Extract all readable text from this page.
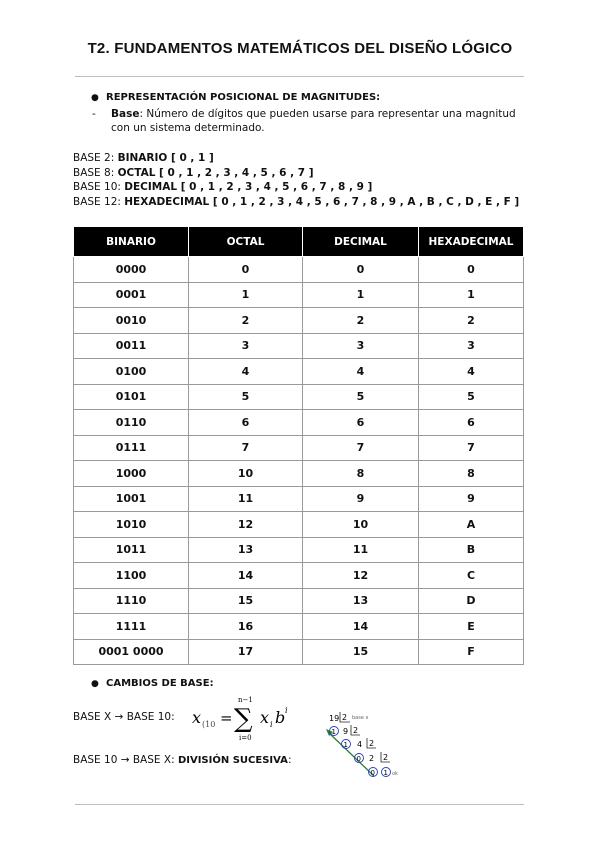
T2. FUNDAMENTOS MATEMÁTICOS DEL DISEÑO LÓGICO
● REPRESENTACIÓN POSICIONAL DE MAGNITUDES:
-	Base: Número de dígitos que pueden usarse para representar una magnitud con un sistema determinado.
BASE 2: BINARIO [ 0 , 1 ]
BASE 8: OCTAL [ 0 , 1 , 2 , 3 , 4 , 5 , 6 , 7 ]
BASE 10: DECIMAL [ 0 , 1 , 2 , 3 , 4 , 5 , 6 , 7 , 8 , 9 ]
BASE 12: HEXADECIMAL [ 0 , 1 , 2 , 3 , 4 , 5 , 6 , 7 , 8 , 9 , A , B , C , D , E , F ]
BINARIO	OCTAL	DECIMAL	HEXADECIMAL
0000	0	0	0
0001	1	1	1
0010	2	2	2
0011	3	3	3
0100	4	4	4
0101	5	5	5
0110	6	6	6
0111	7	7	7
1000	10	8	8
1001	11	9	9
1010	12	10	A
1011	13	11	B
1100	14	12	C
1110	15	13	D
1111	16	14	E
0001 0000	17	15	F
● CAMBIOS DE BASE:
BASE X → BASE 10: x (10 = ∑
n−1
i=0
x i b i
BASE 10 → BASE X: DIVISIÓN SUCESIVA:
19 2 base x
1 9 2
1 4 2
0 2 2
0 1 ok
